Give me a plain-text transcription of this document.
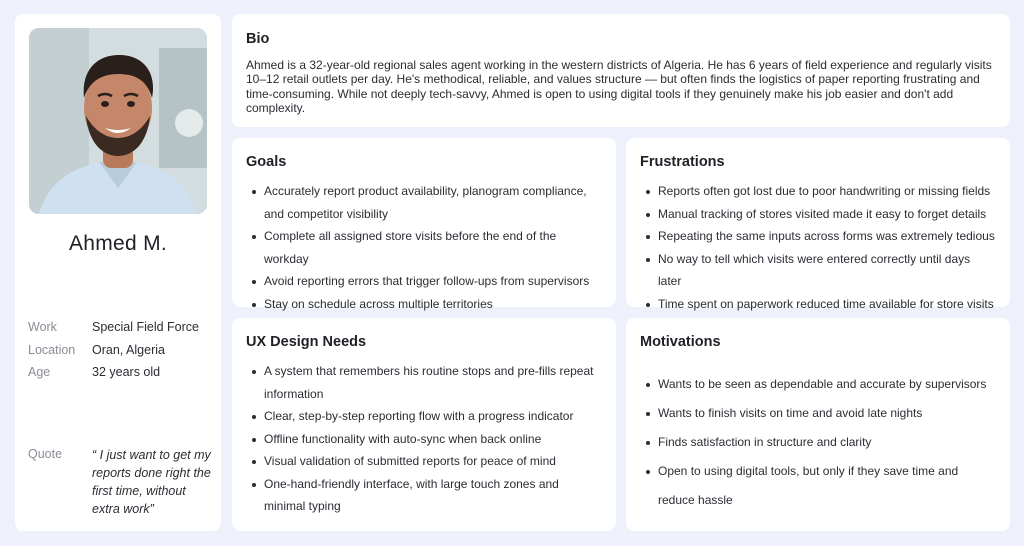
Ahmed M.
Work	Special Field Force
Location	Oran, Algeria
Age	32 years old
Quote	“ I just want to get my reports done right the first time, without extra work”
Bio

Ahmed is a 32-year-old regional sales agent working in the western districts of Algeria. He has 6 years of field experience and regularly visits 10–12 retail outlets per day. He's methodical, reliable, and values structure — but often finds the logistics of paper reporting frustrating and time-consuming. While not deeply tech-savvy, Ahmed is open to using digital tools if they genuinely make his job easier and don't add complexity.

Goals
Accurately report product availability, planogram compliance, and competitor visibility
Complete all assigned store visits before the end of the workday
Avoid reporting errors that trigger follow-ups from supervisors
Stay on schedule across multiple territories
Frustrations
Reports often got lost due to poor handwriting or missing fields
Manual tracking of stores visited made it easy to forget details
Repeating the same inputs across forms was extremely tedious
No way to tell which visits were entered correctly until days later
Time spent on paperwork reduced time available for store visits
UX Design Needs
A system that remembers his routine stops and pre-fills repeat information
Clear, step-by-step reporting flow with a progress indicator
Offline functionality with auto-sync when back online
Visual validation of submitted reports for peace of mind
One-hand-friendly interface, with large touch zones and minimal typing
Motivations
Wants to be seen as dependable and accurate by supervisors
Wants to finish visits on time and avoid late nights
Finds satisfaction in structure and clarity
Open to using digital tools, but only if they save time and reduce hassle
